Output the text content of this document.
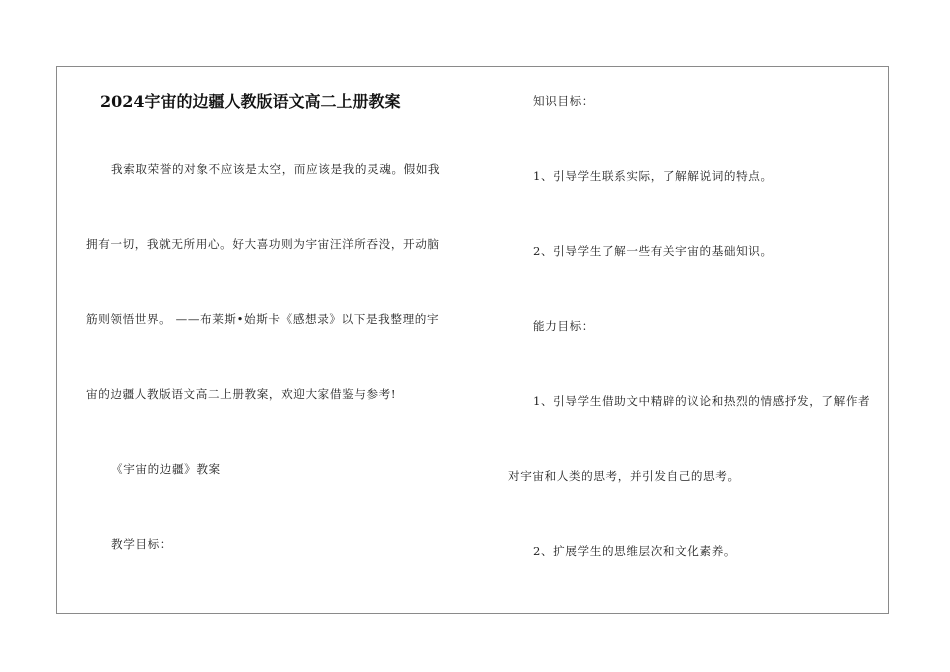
2024宇宙的边疆人教版语文高二上册教案
我索取荣誉的对象不应该是太空，而应该是我的灵魂。假如我
拥有一切，我就无所用心。好大喜功则为宇宙汪洋所吞没，开动脑
筋则领悟世界。 ——布莱斯•始斯卡《感想录》以下是我整理的宇
宙的边疆人教版语文高二上册教案，欢迎大家借鉴与参考!
《宇宙的边疆》教案
教学目标：
知识目标：
1、引导学生联系实际，了解解说词的特点。
2、引导学生了解一些有关宇宙的基础知识。
能力目标：
1、引导学生借助文中精辟的议论和热烈的情感抒发，了解作者
对宇宙和人类的思考，并引发自己的思考。
2、扩展学生的思维层次和文化素养。
